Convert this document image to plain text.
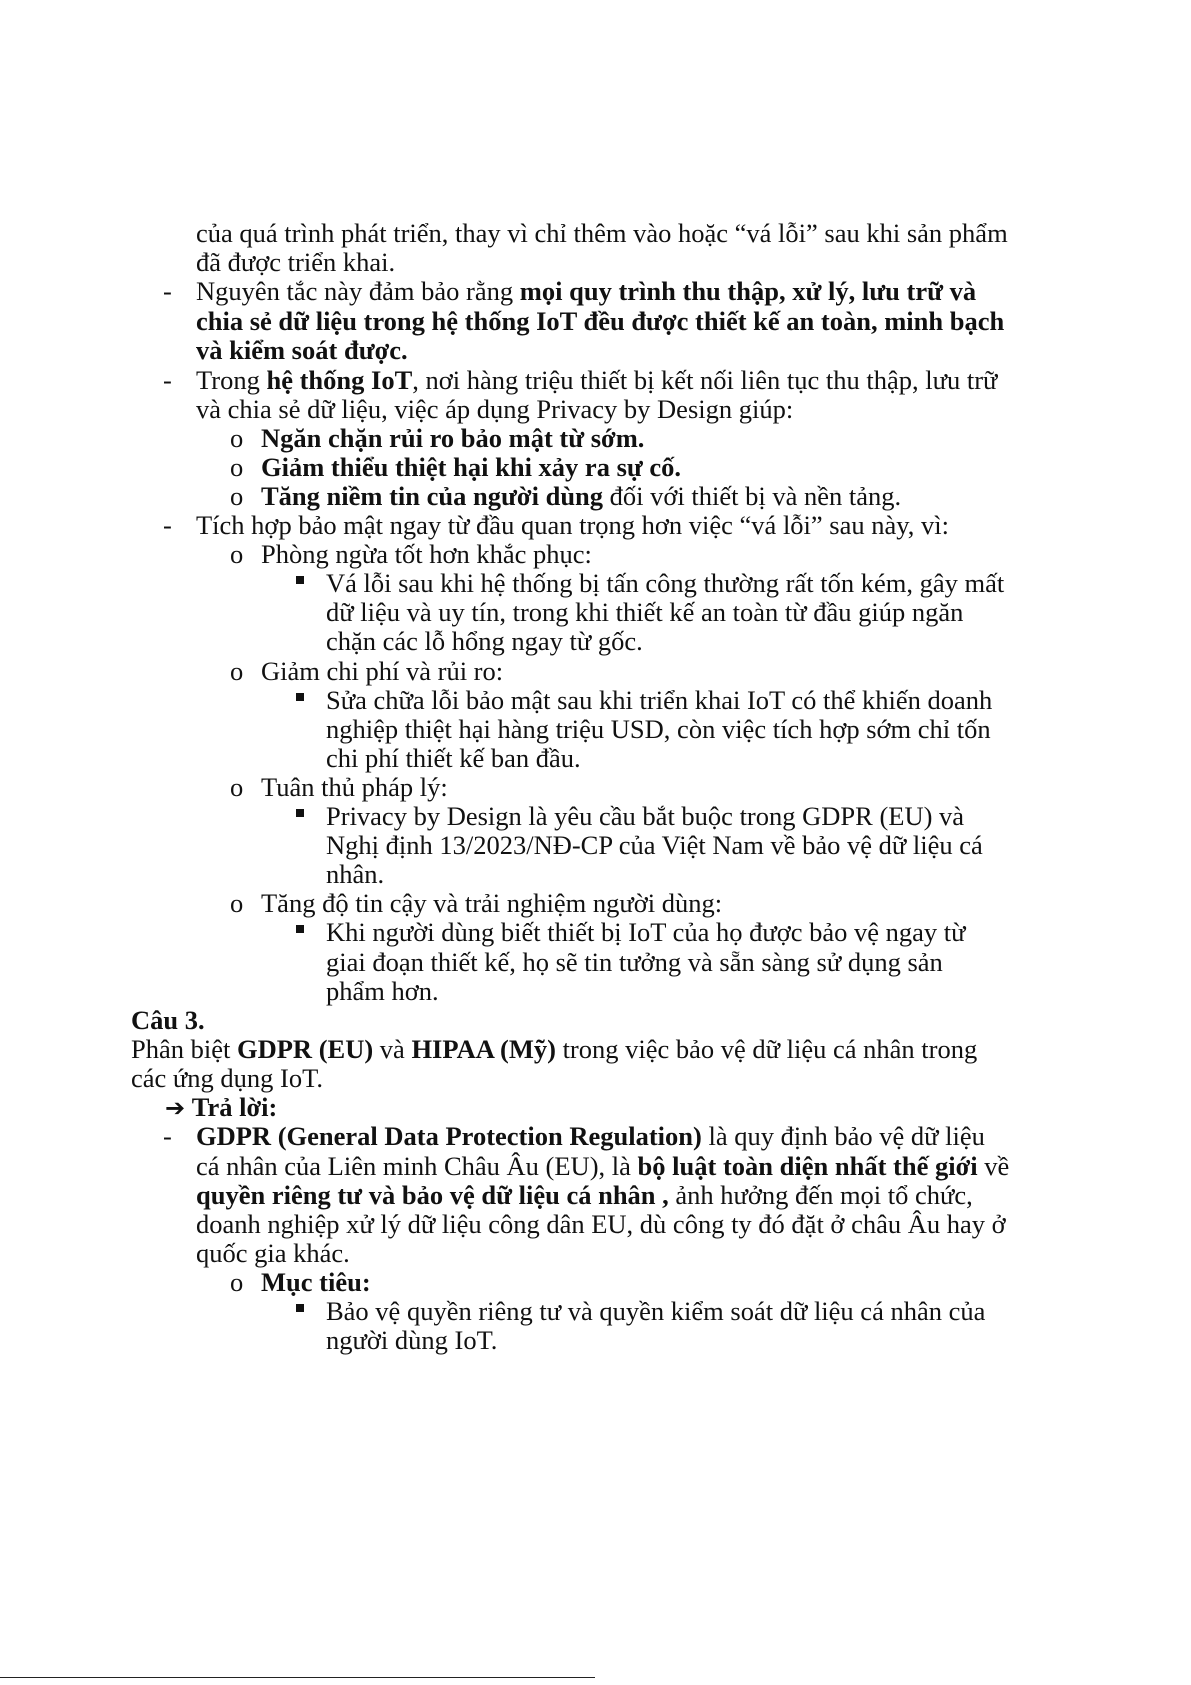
của quá trình phát triển, thay vì chỉ thêm vào hoặc “vá lỗi” sau khi sản phẩm
đã được triển khai.
- Nguyên tắc này đảm bảo rằng mọi quy trình thu thập, xử lý, lưu trữ và
chia sẻ dữ liệu trong hệ thống IoT đều được thiết kế an toàn, minh bạch
và kiểm soát được.
- Trong hệ thống IoT, nơi hàng triệu thiết bị kết nối liên tục thu thập, lưu trữ
và chia sẻ dữ liệu, việc áp dụng Privacy by Design giúp:
o Ngăn chặn rủi ro bảo mật từ sớm.
o Giảm thiểu thiệt hại khi xảy ra sự cố.
o Tăng niềm tin của người dùng đối với thiết bị và nền tảng.
- Tích hợp bảo mật ngay từ đầu quan trọng hơn việc “vá lỗi” sau này, vì:
o Phòng ngừa tốt hơn khắc phục:
Vá lỗi sau khi hệ thống bị tấn công thường rất tốn kém, gây mất
dữ liệu và uy tín, trong khi thiết kế an toàn từ đầu giúp ngăn
chặn các lỗ hổng ngay từ gốc.
o Giảm chi phí và rủi ro:
Sửa chữa lỗi bảo mật sau khi triển khai IoT có thể khiến doanh
nghiệp thiệt hại hàng triệu USD, còn việc tích hợp sớm chỉ tốn
chi phí thiết kế ban đầu.
o Tuân thủ pháp lý:
Privacy by Design là yêu cầu bắt buộc trong GDPR (EU) và
Nghị định 13/2023/NĐ-CP của Việt Nam về bảo vệ dữ liệu cá
nhân.
o Tăng độ tin cậy và trải nghiệm người dùng:
Khi người dùng biết thiết bị IoT của họ được bảo vệ ngay từ
giai đoạn thiết kế, họ sẽ tin tưởng và sẵn sàng sử dụng sản
phẩm hơn.
Câu 3.
Phân biệt GDPR (EU) và HIPAA (Mỹ) trong việc bảo vệ dữ liệu cá nhân trong
các ứng dụng IoT.
➔ Trả lời:
- GDPR (General Data Protection Regulation) là quy định bảo vệ dữ liệu
cá nhân của Liên minh Châu Âu (EU), là bộ luật toàn diện nhất thế giới về
quyền riêng tư và bảo vệ dữ liệu cá nhân , ảnh hưởng đến mọi tổ chức,
doanh nghiệp xử lý dữ liệu công dân EU, dù công ty đó đặt ở châu Âu hay ở
quốc gia khác.
o Mục tiêu:
Bảo vệ quyền riêng tư và quyền kiểm soát dữ liệu cá nhân của
người dùng IoT.
